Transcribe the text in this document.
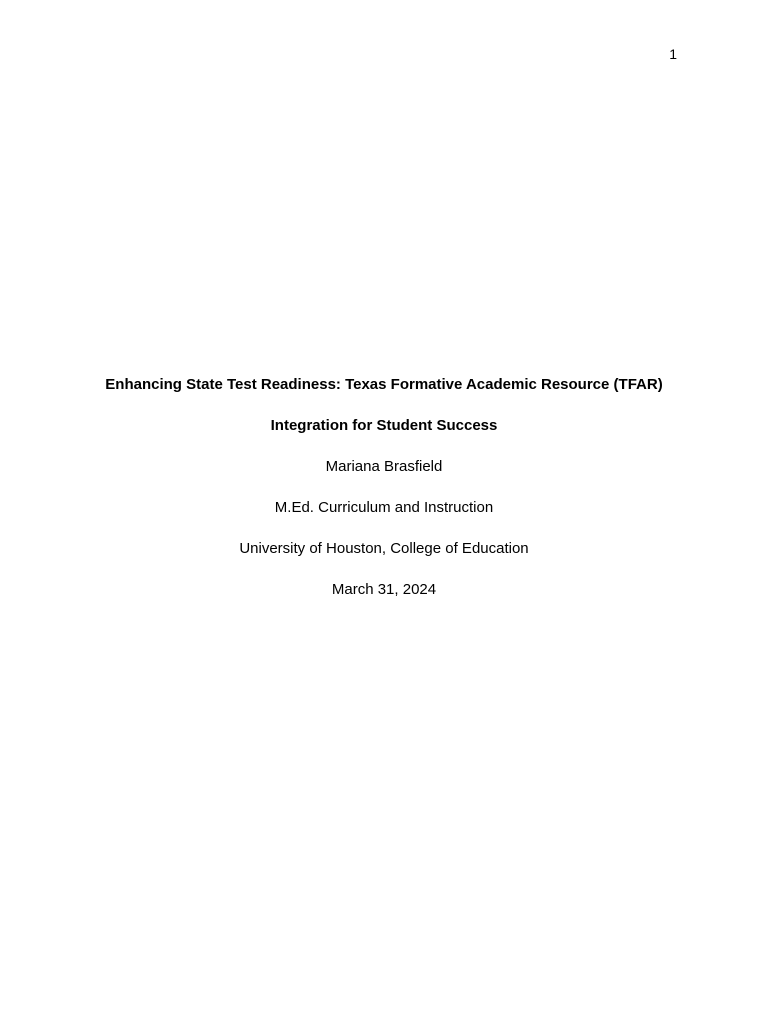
1
Enhancing State Test Readiness: Texas Formative Academic Resource (TFAR)
Integration for Student Success
Mariana Brasfield
M.Ed. Curriculum and Instruction
University of Houston, College of Education
March 31, 2024
